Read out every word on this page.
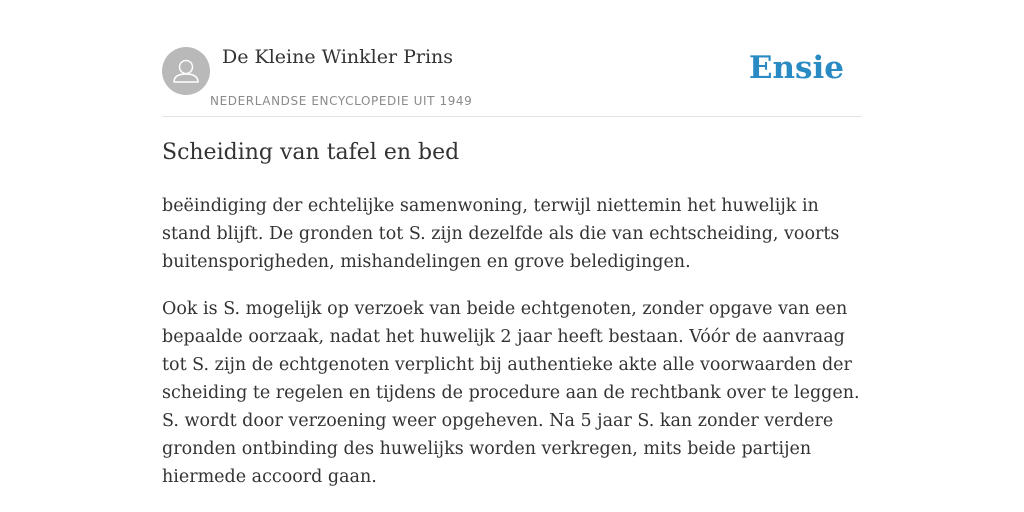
De Kleine Winkler Prins
NEDERLANDSE ENCYCLOPEDIE UIT 1949
Ensie
Scheiding van tafel en bed

beëindiging der echtelijke samenwoning, terwijl niettemin het huwelijk in stand blijft. De gronden tot S. zijn dezelfde als die van echtscheiding, voorts buitensporigheden, mishandelingen en grove beledigingen.

Ook is S. mogelijk op verzoek van beide echtgenoten, zonder opgave van een bepaalde oorzaak, nadat het huwelijk 2 jaar heeft bestaan. Vóór de aanvraag tot S. zijn de echtgenoten verplicht bij authentieke akte alle voorwaarden der scheiding te regelen en tijdens de procedure aan de rechtbank over te leggen. S. wordt door verzoening weer opgeheven. Na 5 jaar S. kan zonder verdere gronden ontbinding des huwelijks worden verkregen, mits beide partijen hiermede accoord gaan.
